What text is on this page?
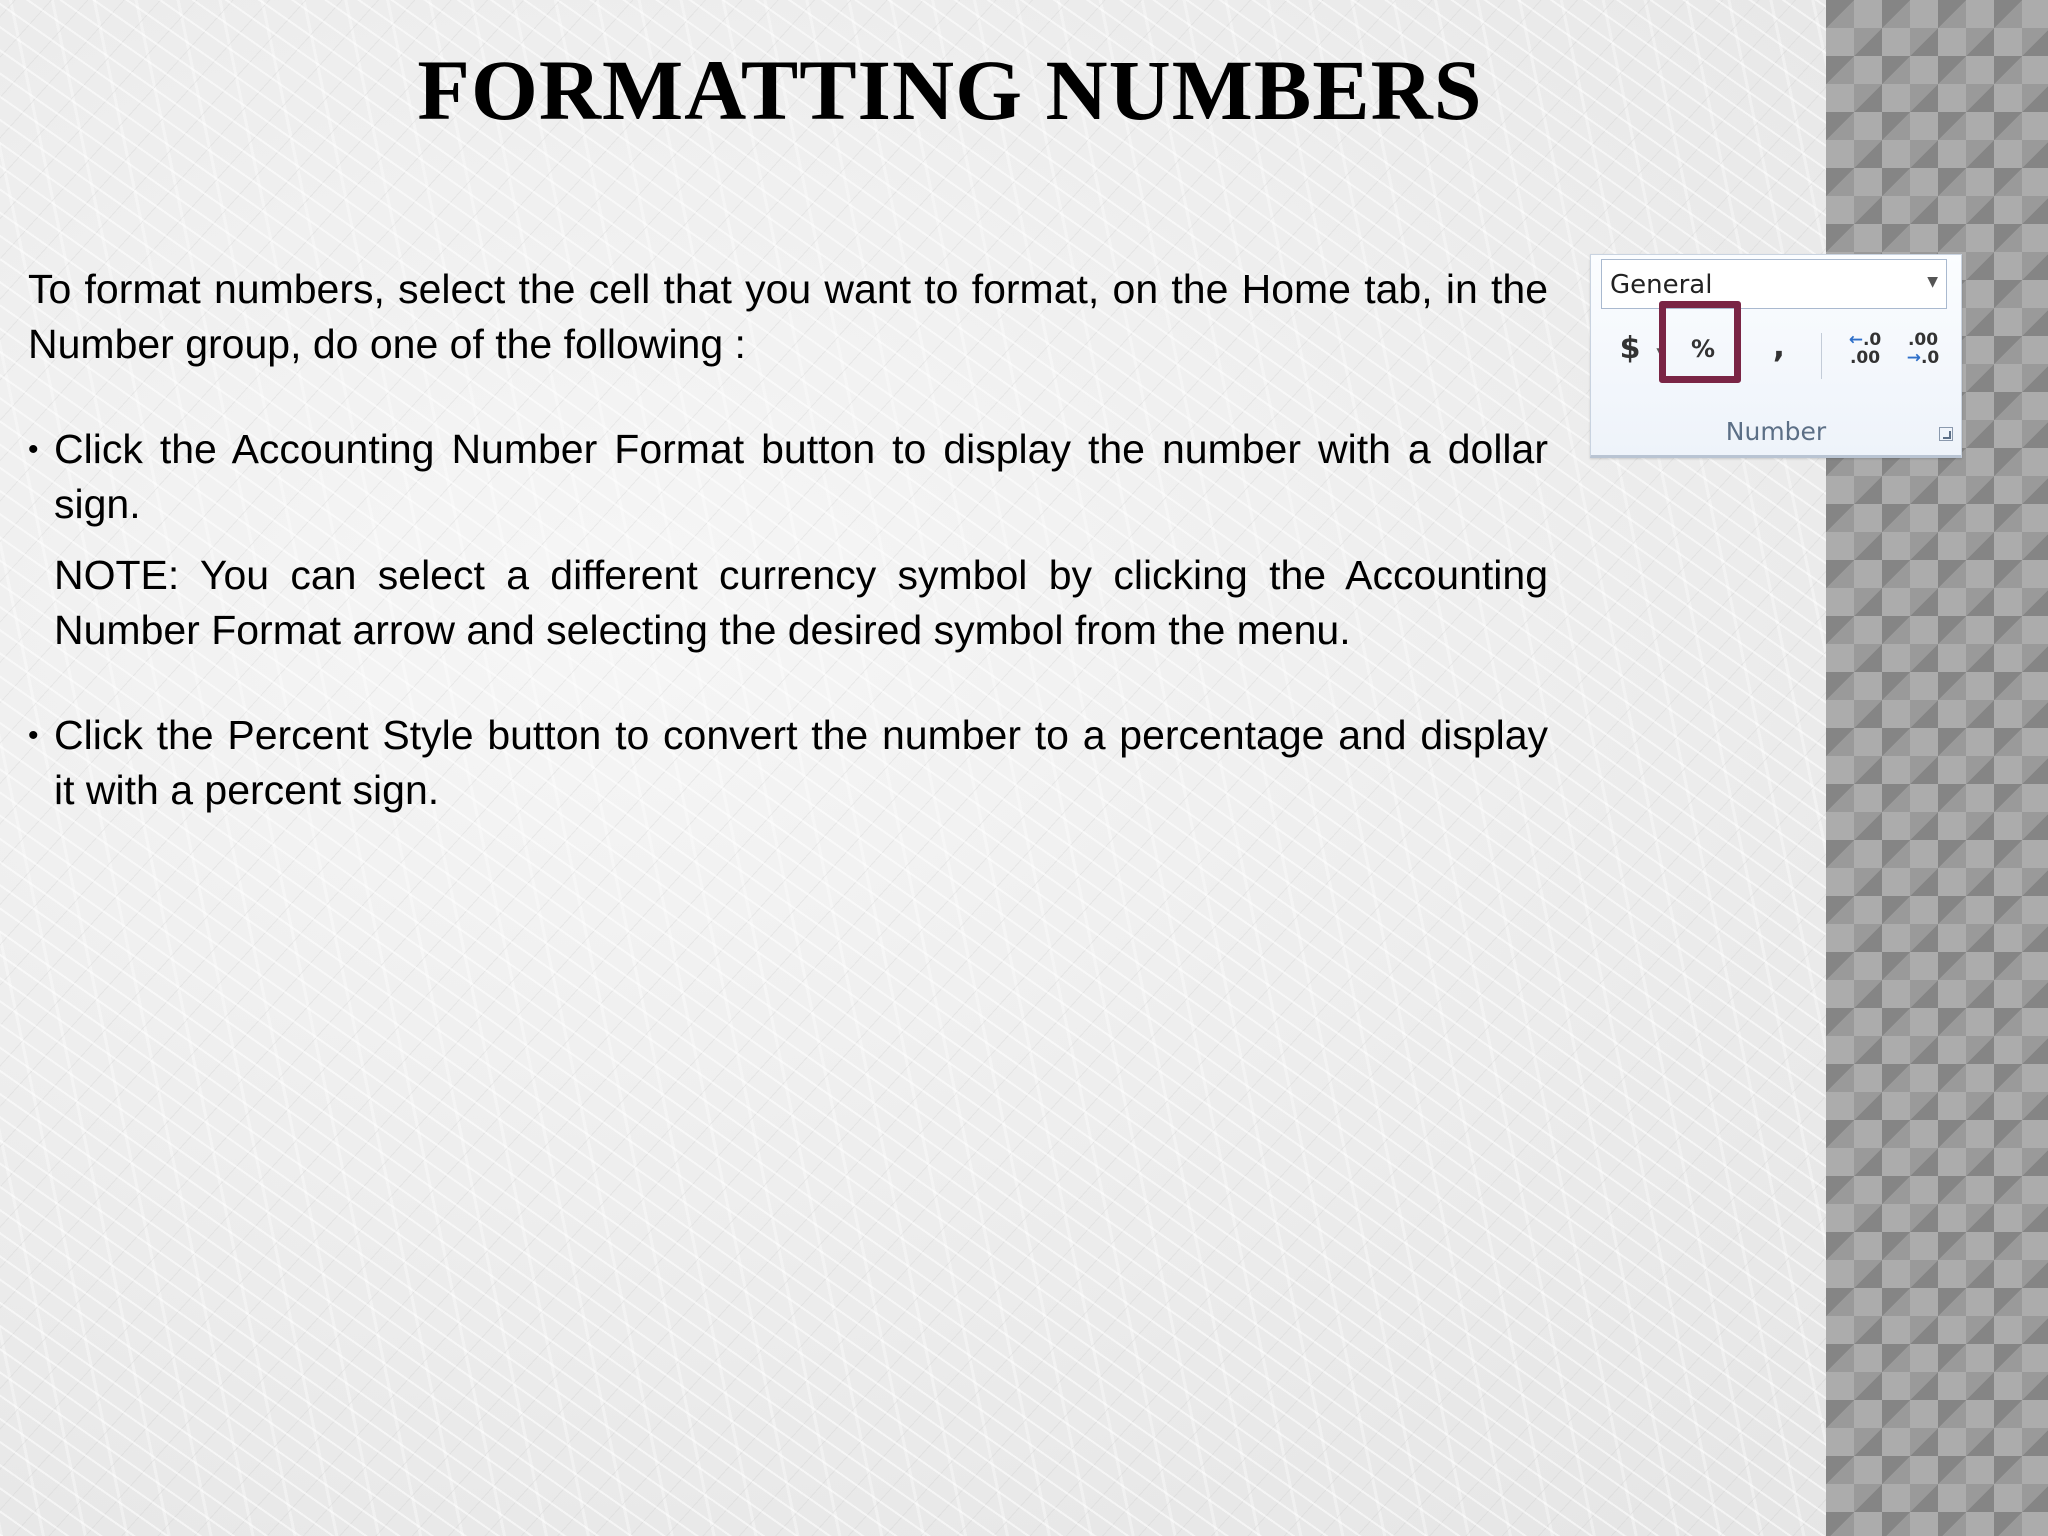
FORMATTING NUMBERS

To format numbers, select the cell that you want to format, on the Home tab, in the Number group, do one of the following :

• Click the Accounting Number Format button to display the number with a dollar sign.

NOTE: You can select a different currency symbol by clicking the Accounting Number Format arrow and selecting the desired symbol from the menu.

• Click the Percent Style button to convert the number to a percentage and display it with a percent sign.

General	▼
$	▼	% ,	←.0
.00
.00
→.0
Number
